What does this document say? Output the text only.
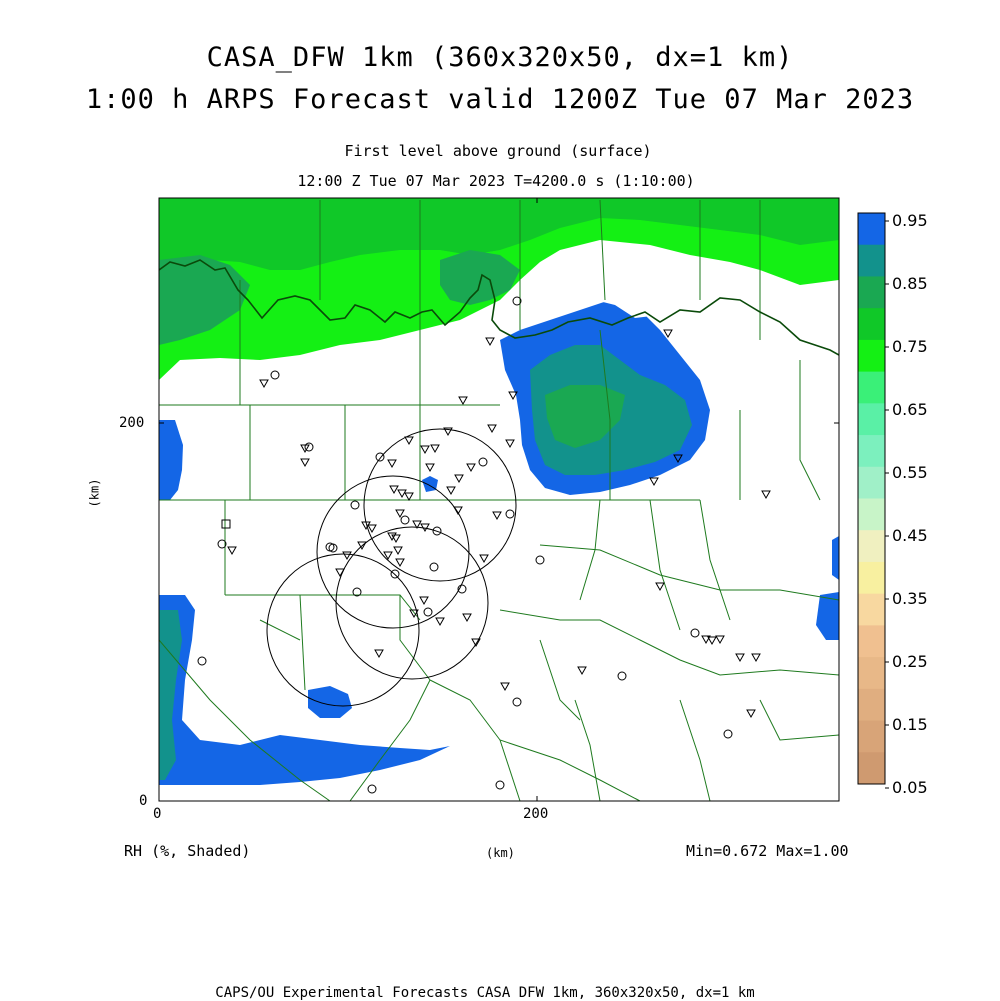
CASA_DFW 1km (360x320x50, dx=1 km)
1:00 h ARPS Forecast valid 1200Z Tue 07 Mar 2023
First level above ground (surface)
12:00 Z Tue 07 Mar 2023 T=4200.0 s (1:10:00)
0	200
0
200
(km)
RH (%, Shaded)	(km)	Min=0.672 Max=1.00
CAPS/OU Experimental Forecasts CASA DFW 1km, 360x320x50, dx=1 km
0.95
0.85
0.75
0.65
0.55
0.45
0.35
0.25
0.15
0.05
